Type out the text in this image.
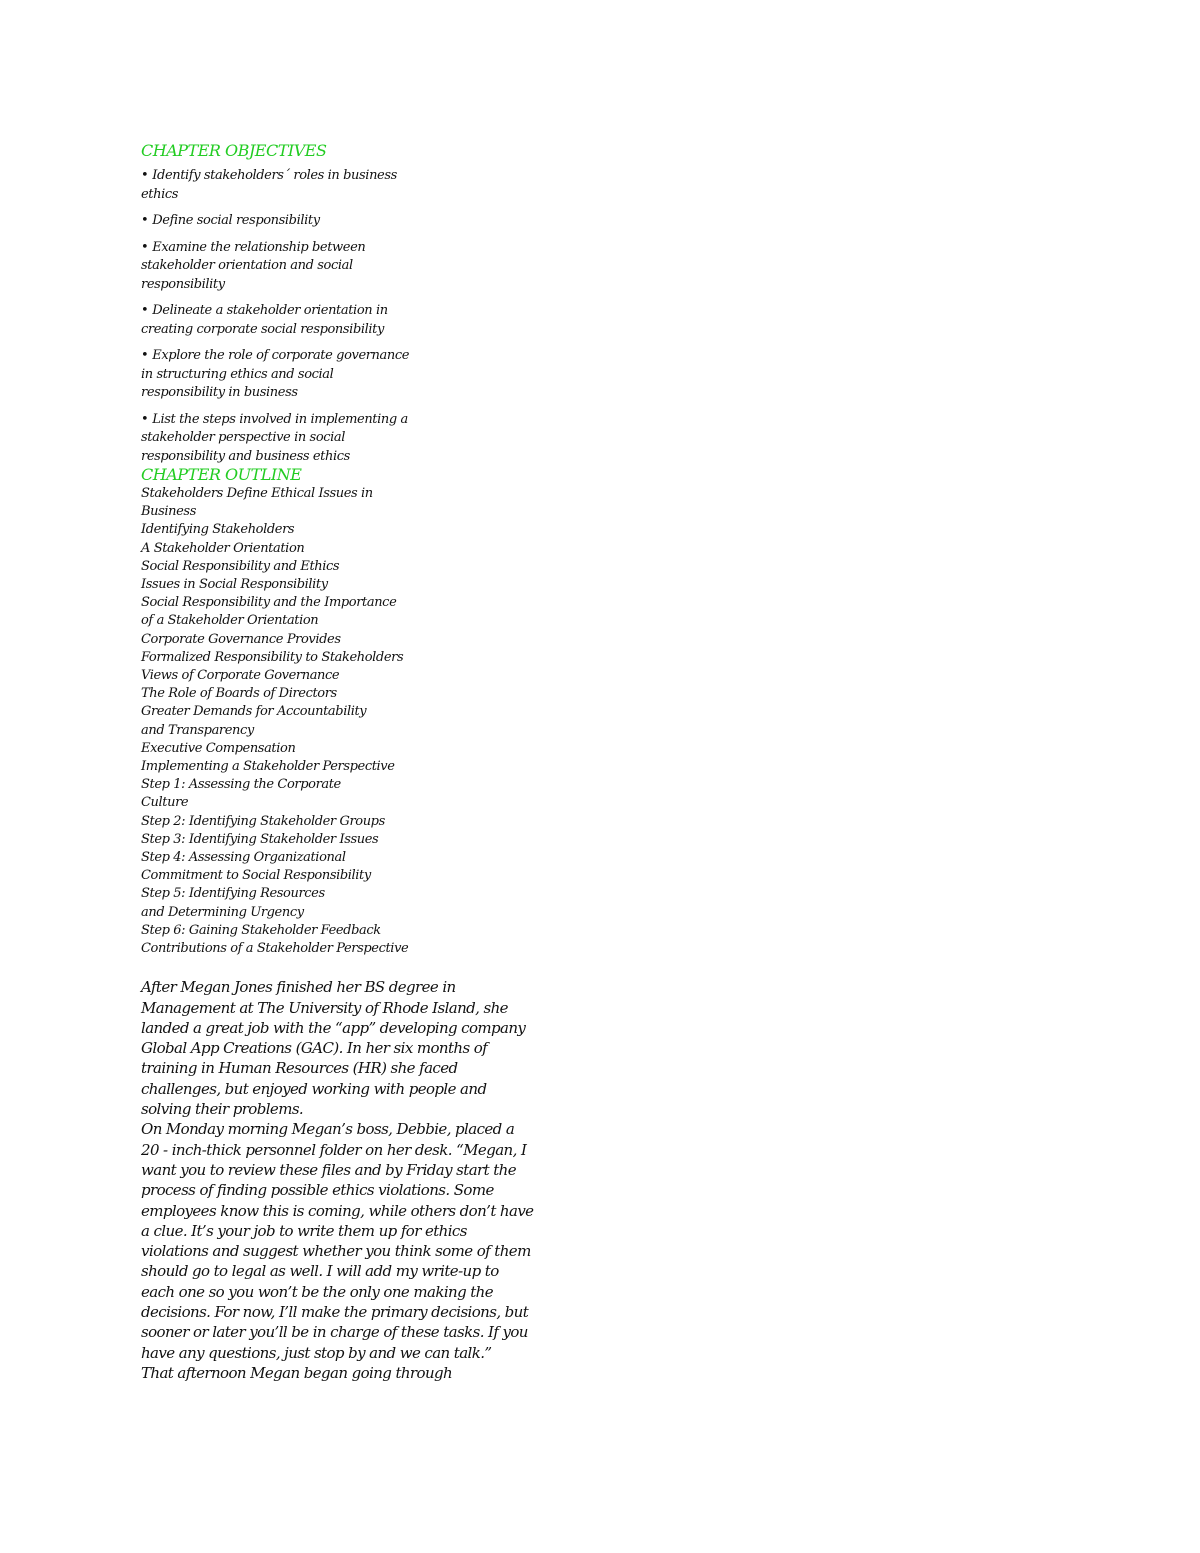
CHAPTER OBJECTIVES
• Identify stakeholders´ roles in business ethics
• Define social responsibility
• Examine the relationship between stakeholder orientation and social responsibility
• Delineate a stakeholder orientation in creating corporate social responsibility
• Explore the role of corporate governance in structuring ethics and social responsibility in business
• List the steps involved in implementing a stakeholder perspective in social responsibility and business ethics
CHAPTER OUTLINE
Stakeholders Define Ethical Issues in
Business
Identifying Stakeholders
A Stakeholder Orientation
Social Responsibility and Ethics
Issues in Social Responsibility
Social Responsibility and the Importance
of a Stakeholder Orientation
Corporate Governance Provides
Formalized Responsibility to Stakeholders
Views of Corporate Governance
The Role of Boards of Directors
Greater Demands for Accountability
and Transparency
Executive Compensation
Implementing a Stakeholder Perspective
Step 1: Assessing the Corporate
Culture
Step 2: Identifying Stakeholder Groups
Step 3: Identifying Stakeholder Issues
Step 4: Assessing Organizational
Commitment to Social Responsibility
Step 5: Identifying Resources
and Determining Urgency
Step 6: Gaining Stakeholder Feedback
Contributions of a Stakeholder Perspective

After Megan Jones finished her BS degree in Management at The University of Rhode Island, she landed a great job with the “app” developing company Global App Creations (GAC). In her six months of training in Human Resources (HR) she faced challenges, but enjoyed working with people and solving their problems.

On Monday morning Megan’s boss, Debbie, placed a 20 - inch-thick personnel folder on her desk. “Megan, I want you to review these files and by Friday start the process of finding possible ethics violations. Some employees know this is coming, while others don’t have a clue. It’s your job to write them up for ethics violations and suggest whether you think some of them should go to legal as well. I will add my write-up to each one so you won’t be the only one making the decisions. For now, I’ll make the primary decisions, but sooner or later you’ll be in charge of these tasks. If you have any questions, just stop by and we can talk.”

That afternoon Megan began going through
